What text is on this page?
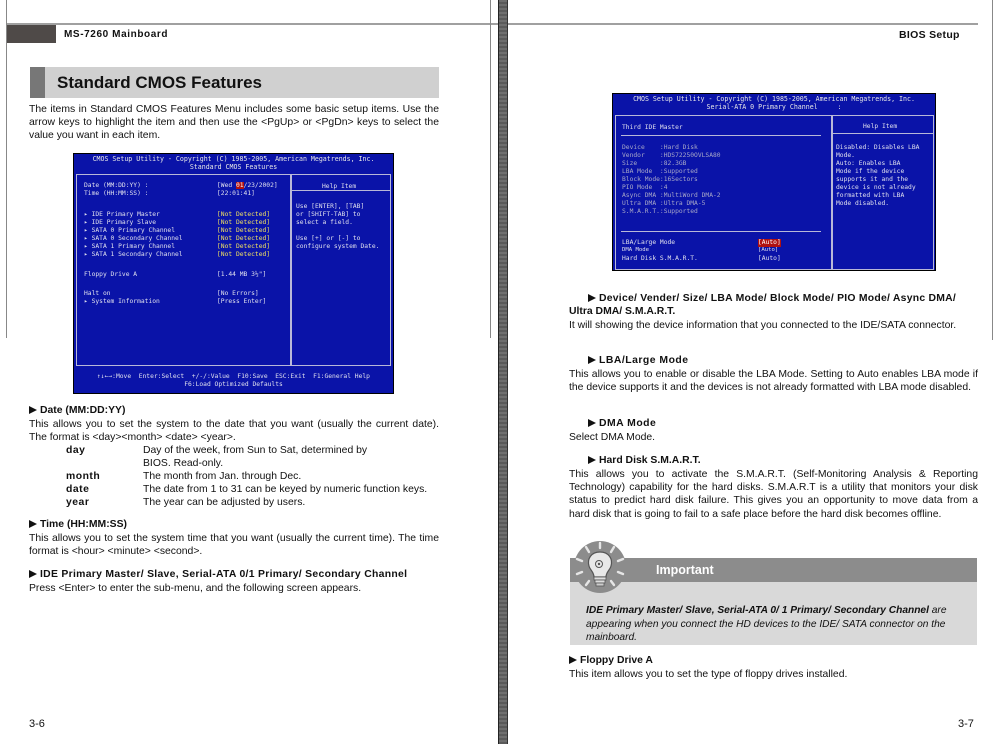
MS-7260 Mainboard
Standard CMOS Features
The items in Standard CMOS Features Menu includes some basic setup items. Use the arrow keys to highlight the item and then use the <PgUp> or <PgDn> keys to select the value you want in each item.
CMOS Setup Utility - Copyright (C) 1985-2005, American Megatrends, Inc.
Standard CMOS Features
Date (MM:DD:YY) :	[Wed 01/23/2002]
Time (HH:MM:SS) :	[22:01:41]
▸ IDE Primary Master	[Not Detected]
▸ IDE Primary Slave	[Not Detected]
▸ SATA 0 Primary Channel	[Not Detected]
▸ SATA 0 Secondary Channel	[Not Detected]
▸ SATA 1 Primary Channel	[Not Detected]
▸ SATA 1 Secondary Channel	[Not Detected]
Floppy Drive A	[1.44 MB 3½"]
Halt on	[No Errors]
▸ System Information	[Press Enter]
Help Item
Use [ENTER], [TAB]
or [SHIFT-TAB] to
select a field.
Use [+] or [-] to
configure system Date.
↑↓←→:Move  Enter:Select  +/-/:Value  F10:Save  ESC:Exit  F1:General Help
F6:Load Optimized Defaults
Date (MM:DD:YY)
This allows you to set the system to the date that you want (usually the current date). The format is <day><month> <date> <year>.
day	Day of the week, from Sun to Sat, determined by BIOS. Read-only.
month	The month from Jan. through Dec.
date	The date from 1 to 31 can be keyed by numeric function keys.
year	The year can be adjusted by users.
Time (HH:MM:SS)
This allows you to set the system time that you want (usually the current time). The time format is <hour> <minute> <second>.
IDE Primary Master/ Slave, Serial-ATA 0/1 Primary/ Secondary Channel
Press <Enter> to enter the sub-menu, and the following screen appears.
3-6
BIOS Setup
CMOS Setup Utility - Copyright (C) 1985-2005, American Megatrends, Inc.
Serial-ATA 0 Primary Channel     :
Third IDE Master
Device    :Hard Disk
Vendor    :HDS72250OVLSA80
Size      :82.3GB
LBA Mode  :Supported
Block Mode:16Sectors
PIO Mode  :4
Async DMA :MultiWord DMA-2
Ultra DMA :Ultra DMA-5
S.M.A.R.T.:Supported
LBA/Large Mode	[Auto]
DMA Mode	[Auto]
Hard Disk S.M.A.R.T.	[Auto]
Help Item
Disabled: Disables LBA
Mode.
Auto: Enables LBA
Mode if the device
supports it and the
device is not already
formatted with LBA
Mode disabled.
Device/ Vender/ Size/ LBA Mode/ Block Mode/ PIO Mode/ Async DMA/
Ultra DMA/ S.M.A.R.T.
It will showing the device information that you connected to the IDE/SATA connector.
LBA/Large Mode
This allows you to enable or disable the LBA Mode. Setting to Auto enables LBA mode if the device supports it and the devices is not already formatted with LBA mode disabled.
DMA Mode
Select DMA Mode.
Hard Disk S.M.A.R.T.
This allows you to activate the S.M.A.R.T. (Self-Monitoring Analysis & Reporting Technology) capability for the hard disks. S.M.A.R.T is a utility that monitors your disk status to predict hard disk failure. This gives you an opportunity to move data from a hard disk that is going to fail to a safe place before the hard disk becomes offline.
Floppy Drive A
This item allows you to set the type of floppy drives installed.
3-7
Important
IDE Primary Master/ Slave, Serial-ATA 0/ 1 Primary/ Secondary Channel are appearing when you connect the HD devices to the IDE/ SATA connector on the mainboard.
